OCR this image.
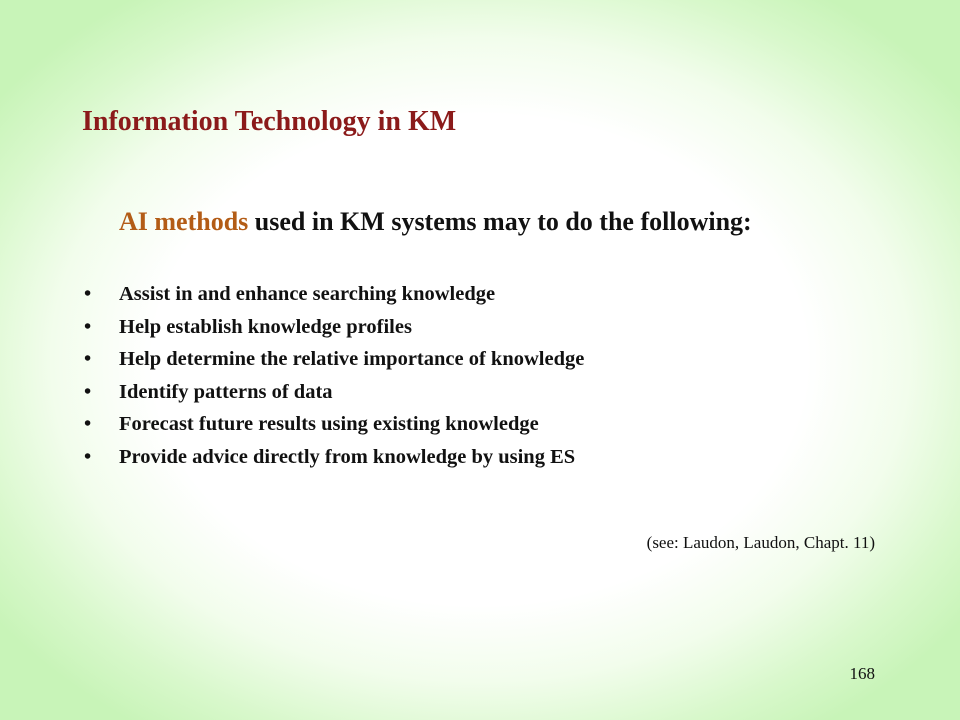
Information Technology in KM

AI methods used in KM systems may to do the following:

•	Assist in and enhance searching knowledge
•	Help establish knowledge profiles
•	Help determine the relative importance of knowledge
•	Identify patterns of data
•	Forecast future results using existing knowledge
•	Provide advice directly from knowledge by using ES
(see: Laudon, Laudon, Chapt. 11)
168
